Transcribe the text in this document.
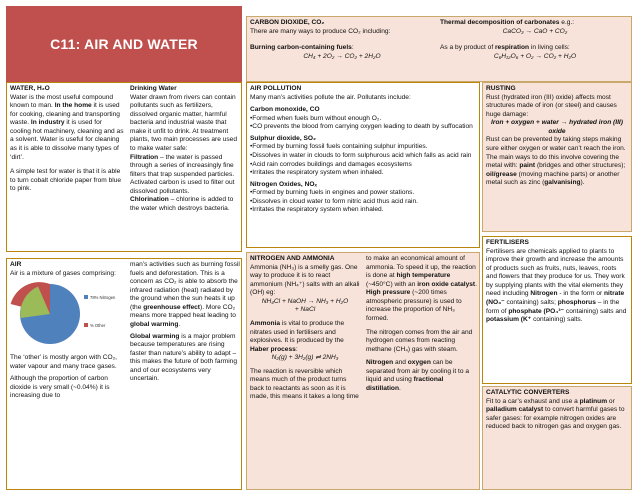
C11: AIR AND WATER
WATER, H₂O
Water is the most useful compound known to man. In the home it is used for cooking, cleaning and transporting waste. In industry it is used for cooling hot machinery, cleaning and as a solvent. Water is useful for cleaning as it is able to dissolve many types of ‘dirt’.
A simple test for water is that it is able to turn cobalt chloride paper from blue to pink.
Drinking Water
Water drawn from rivers can contain pollutants such as fertilizers, dissolved organic matter, harmful bacteria and industrial waste that make it unfit to drink. At treatment plants, two main processes are used to make water safe:
Filtration – the water is passed through a series of increasingly fine filters that trap suspended particles. Activated carbon is used to filter out dissolved pollutants.
Chlorination – chlorine is added to the water which destroys bacteria.
AIR
Air is a mixture of gases comprising:
78% Nitrogen
% Other
The ‘other’ is mostly argon with CO₂, water vapour and many trace gases.
Although the proportion of carbon dioxide is very small (~0.04%) it is increasing due to
man’s activities such as burning fossil fuels and deforestation. This is a concern as CO₂ is able to absorb the infrared radiation (heat) radiated by the ground when the sun heats it up (the greenhouse effect). More CO₂ means more trapped heat leading to global warming.
Global warming is a major problem because temperatures are rising faster than nature’s ability to adapt – this makes the future of both farming and of our ecosystems very uncertain.
CARBON DIOXIDE, CO₂
There are many ways to produce CO₂ including:
Burning carbon-containing fuels:
CH₄ + 2O₂ → CO₂ + 2H₂O
Thermal decomposition of carbonates e.g.:
CaCO₃ → CaO + CO₂
As a by product of respiration in living cells:
C₆H₁₂O₆ + O₂ → CO₂ + H₂O
AIR POLLUTION
Many man’s activities pollute the air. Pollutants include:
Carbon monoxide, CO
•Formed when fuels burn without enough O₂.
•CO prevents the blood from carrying oxygen leading to death by suffocation
Sulphur dioxide, SO₂
•Formed by burning fossil fuels containing sulphur impurities.
•Dissolves in water in clouds to form sulphurous acid which falls as acid rain
•Acid rain corrodes buildings and damages ecosystems
•Irritates the respiratory system when inhaled.
Nitrogen Oxides, NOₓ
•Formed by burning fuels in engines and power stations.
•Dissolves in cloud water to form nitric acid thus acid rain.
•Irritates the respiratory system when inhaled.
NITROGEN AND AMMONIA
Ammonia (NH₃) is a smelly gas. One way to produce it is to react ammonium (NH₄⁺) salts with an alkali (OH) eg:
NH₄Cl + NaOH → NH₃ + H₂O
+ NaCl
Ammonia is vital to produce the nitrates used in fertilisers and explosives. It is produced by the Haber process:
N₂(g) + 3H₂(g) ⇌ 2NH₃
The reaction is reversible which means much of the product turns back to reactants as soon as it is made, this means it takes a long time
to make an economical amount of ammonia. To speed it up, the reaction is done at high temperature (~450°C) with an iron oxide catalyst. High pressure (~200 times atmospheric pressure) is used to increase the proportion of NH₃ formed.
The nitrogen comes from the air and hydrogen comes from reacting methane (CH₄) gas with steam.
Nitrogen and oxygen can be separated from air by cooling it to a liquid and using fractional distillation.
RUSTING
Rust (hydrated iron (III) oxide) affects most structures made of iron (or steel) and causes huge damage:
Iron + oxygen + water → hydrated iron (III) oxide
Rust can be prevented by taking steps making sure either oxygen or water can’t reach the iron. The main ways to do this involve covering the metal with: paint (bridges and other structures); oil/grease (moving machine parts) or another metal such as zinc (galvanising).
FERTILISERS
Fertilisers are chemicals applied to plants to improve their growth and increase the amounts of products such as fruits, nuts, leaves, roots and flowers that they produce for us. They work by supplying plants with the vital elements they need including Nitrogen - in the form or nitrate (NO₃⁻ containing) salts; phosphorus – in the form of phosphate (PO₄³⁻ containing) salts and potassium (K⁺ containing) salts.
CATALYTIC CONVERTERS
Fit to a car’s exhaust and use a platinum or palladium catalyst to convert harmful gases to safer gases: for example nitrogen oxides are reduced back to nitrogen gas and oxygen gas.
